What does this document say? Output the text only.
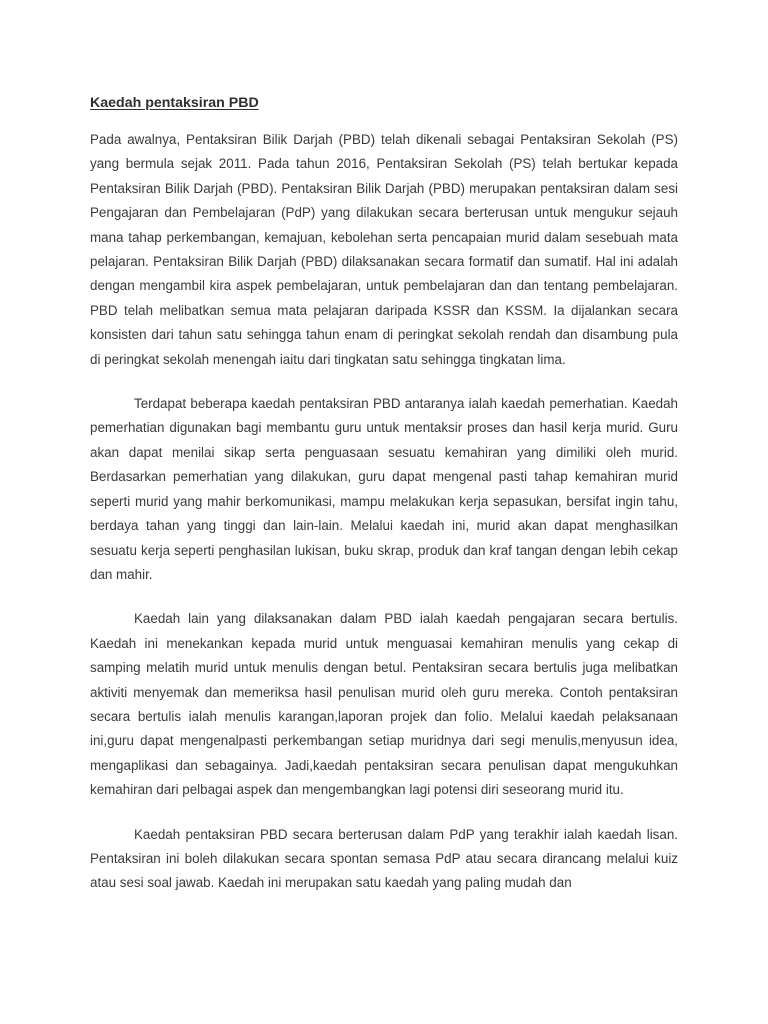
Kaedah pentaksiran PBD

Pada awalnya, Pentaksiran Bilik Darjah (PBD) telah dikenali sebagai Pentaksiran Sekolah (PS) yang bermula sejak 2011. Pada tahun 2016, Pentaksiran Sekolah (PS) telah bertukar kepada Pentaksiran Bilik Darjah (PBD). Pentaksiran Bilik Darjah (PBD) merupakan pentaksiran dalam sesi Pengajaran dan Pembelajaran (PdP) yang dilakukan secara berterusan untuk mengukur sejauh mana tahap perkembangan, kemajuan, kebolehan serta pencapaian murid dalam sesebuah mata pelajaran. Pentaksiran Bilik Darjah (PBD) dilaksanakan secara formatif dan sumatif. Hal ini adalah dengan mengambil kira aspek pembelajaran, untuk pembelajaran dan dan tentang pembelajaran. PBD telah melibatkan semua mata pelajaran daripada KSSR dan KSSM. Ia dijalankan secara konsisten dari tahun satu sehingga tahun enam di peringkat sekolah rendah dan disambung pula di peringkat sekolah menengah iaitu dari tingkatan satu sehingga tingkatan lima.

Terdapat beberapa kaedah pentaksiran PBD antaranya ialah kaedah pemerhatian. Kaedah pemerhatian digunakan bagi membantu guru untuk mentaksir proses dan hasil kerja murid. Guru akan dapat menilai sikap serta penguasaan sesuatu kemahiran yang dimiliki oleh murid. Berdasarkan pemerhatian yang dilakukan, guru dapat mengenal pasti tahap kemahiran murid seperti murid yang mahir berkomunikasi, mampu melakukan kerja sepasukan, bersifat ingin tahu, berdaya tahan yang tinggi dan lain-lain. Melalui kaedah ini, murid akan dapat menghasilkan sesuatu kerja seperti penghasilan lukisan, buku skrap, produk dan kraf tangan dengan lebih cekap dan mahir.

Kaedah lain yang dilaksanakan dalam PBD ialah kaedah pengajaran secara bertulis. Kaedah ini menekankan kepada murid untuk menguasai kemahiran menulis yang cekap di samping melatih murid untuk menulis dengan betul. Pentaksiran secara bertulis juga melibatkan aktiviti menyemak dan memeriksa hasil penulisan murid oleh guru mereka. Contoh pentaksiran secara bertulis ialah menulis karangan,laporan projek dan folio. Melalui kaedah pelaksanaan ini,guru dapat mengenalpasti perkembangan setiap muridnya dari segi menulis,menyusun idea, mengaplikasi dan sebagainya. Jadi,kaedah pentaksiran secara penulisan dapat mengukuhkan kemahiran dari pelbagai aspek dan mengembangkan lagi potensi diri seseorang murid itu.

Kaedah pentaksiran PBD secara berterusan dalam PdP yang terakhir ialah kaedah lisan. Pentaksiran ini boleh dilakukan secara spontan semasa PdP atau secara dirancang melalui kuiz atau sesi soal jawab. Kaedah ini merupakan satu kaedah yang paling mudah dan
